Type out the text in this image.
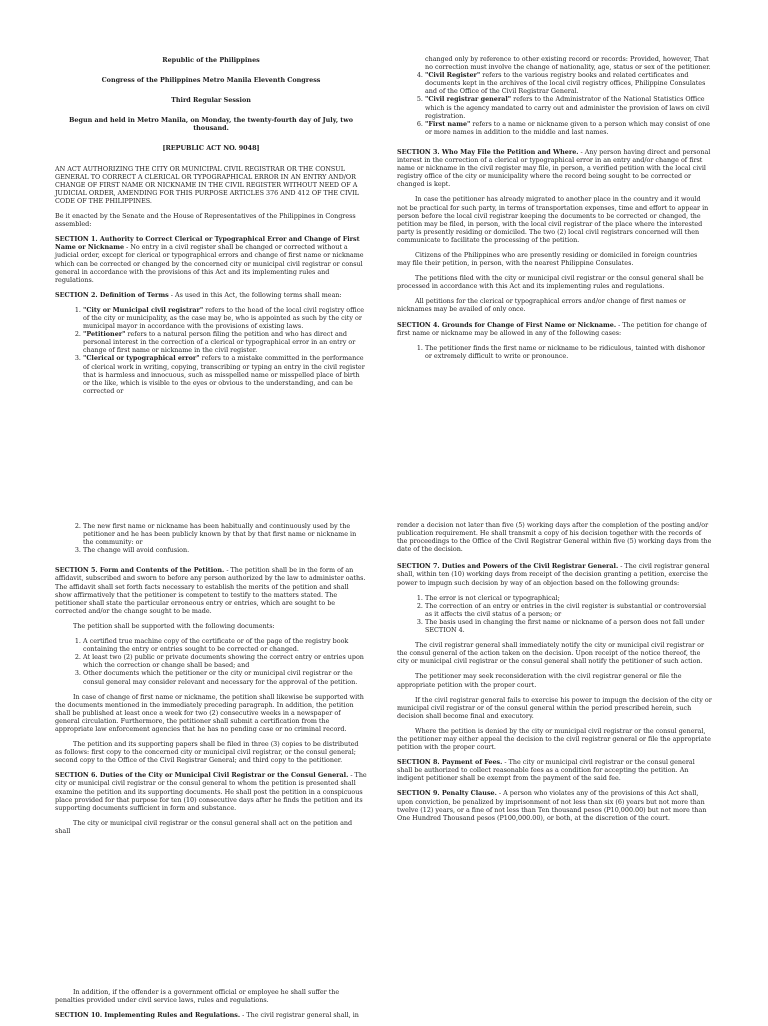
Republic of the Philippines

Congress of the Philippines Metro Manila Eleventh Congress

Third Regular Session

Begun and held in Metro Manila, on Monday, the twenty-fourth day of July, two thousand.

[REPUBLIC ACT NO. 9048]

AN ACT AUTHORIZING THE CITY OR MUNICIPAL CIVIL REGISTRAR OR THE CONSUL GENERAL TO CORRECT A CLERICAL OR TYPOGRAPHICAL ERROR IN AN ENTRY AND/OR CHANGE OF FIRST NAME OR NICKNAME IN THE CIVIL REGISTER WITHOUT NEED OF A JUDICIAL ORDER, AMENDING FOR THIS PURPOSE ARTICLES 376 AND 412 OF THE CIVIL CODE OF THE PHILIPPINES.

Be it enacted by the Senate and the House of Representatives of the Philippines in Congress assembled:

SECTION 1. Authority to Correct Clerical or Typographical Error and Change of First Name or Nickname - No entry in a civil register shall be changed or corrected without a judicial order, except for clerical or typographical errors and change of first name or nickname which can be corrected or changed by the concerned city or municipal civil registrar or consul general in accordance with the provisions of this Act and its implementing rules and regulations.

SECTION 2. Definition of Terms - As used in this Act, the following terms shall mean:

1. "City or Municipal civil registrar" refers to the head of the local civil registry office of the city or municipality, as the case may be, who is appointed as such by the city or municipal mayor in accordance with the provisions of existing laws.
2. "Petitioner" refers to a natural person filing the petition and who has direct and personal interest in the correction of a clerical or typographical error in an entry or change of first name or nickname in the civil register.
3. "Clerical or typographical error" refers to a mistake committed in the performance of clerical work in writing, copying, transcribing or typing an entry in the civil register that is harmless and innocuous, such as misspelled name or misspelled place of birth or the like, which is visible to the eyes or obvious to the understanding, and can be corrected or

changed only by reference to other existing record or records: Provided, however, That no correction must involve the change of nationality, age, status or sex of the petitioner.

4. "Civil Register" refers to the various registry books and related certificates and documents kept in the archives of the local civil registry offices, Philippine Consulates and of the Office of the Civil Registrar General.
5. "Civil registrar general" refers to the Administrator of the National Statistics Office which is the agency mandated to carry out and administer the provision of laws on civil registration.
6. "First name" refers to a name or nickname given to a person which may consist of one or more names in addition to the middle and last names.

SECTION 3. Who May File the Petition and Where. - Any person having direct and personal interest in the correction of a clerical or typographical error in an entry and/or change of first name or nickname in the civil register may file, in person, a verified petition with the local civil registry office of the city or municipality where the record being sought to be corrected or changed is kept.

In case the petitioner has already migrated to another place in the country and it would not be practical for such party, in terms of transportation expenses, time and effort to appear in person before the local civil registrar keeping the documents to be corrected or changed, the petition may be filed, in person, with the local civil registrar of the place where the interested party is presently residing or domiciled. The two (2) local civil registrars concerned will then communicate to facilitate the processing of the petition.

Citizens of the Philippines who are presently residing or domiciled in foreign countries may file their petition, in person, with the nearest Philippine Consulates.

The petitions filed with the city or municipal civil registrar or the consul general shall be processed in accordance with this Act and its implementing rules and regulations.

All petitions for the clerical or typographical errors and/or change of first names or nicknames may be availed of only once.

SECTION 4. Grounds for Change of First Name or Nickname. - The petition for change of first name or nickname may be allowed in any of the following cases:

1. The petitioner finds the first name or nickname to be ridiculous, tainted with dishonor or extremely difficult to write or pronounce.
2. The new first name or nickname has been habitually and continuously used by the petitioner and he has been publicly known by that by that first name or nickname in the community: or
3. The change will avoid confusion.

SECTION 5. Form and Contents of the Petition. - The petition shall be in the form of an affidavit, subscribed and sworn to before any person authorized by the law to administer oaths. The affidavit shall set forth facts necessary to establish the merits of the petition and shall show affirmatively that the petitioner is competent to testify to the matters stated. The petitioner shall state the particular erroneous entry or entries, which are sought to be corrected and/or the change sought to be made.

The petition shall be supported with the following documents:

1. A certified true machine copy of the certificate or of the page of the registry book containing the entry or entries sought to be corrected or changed.
2. At least two (2) public or private documents showing the correct entry or entries upon which the correction or change shall be based; and
3. Other documents which the petitioner or the city or municipal civil registrar or the consul general may consider relevant and necessary for the approval of the petition.

In case of change of first name or nickname, the petition shall likewise be supported with the documents mentioned in the immediately preceding paragraph. In addition, the petition shall be published at least once a week for two (2) consecutive weeks in a newspaper of general circulation. Furthermore, the petitioner shall submit a certification from the appropriate law enforcement agencies that he has no pending case or no criminal record.

The petition and its supporting papers shall be filed in three (3) copies to be distributed as follows: first copy to the concerned city or municipal civil registrar, or the consul general; second copy to the Office of the Civil Registrar General; and third copy to the petitioner.

SECTION 6. Duties of the City or Municipal Civil Registrar or the Consul General. - The city or municipal civil registrar or the consul general to whom the petition is presented shall examine the petition and its supporting documents. He shall post the petition in a conspicuous place provided for that purpose for ten (10) consecutive days after he finds the petition and its supporting documents sufficient in form and substance.

The city or municipal civil registrar or the consul general shall act on the petition and shall

render a decision not later than five (5) working days after the completion of the posting and/or publication requirement. He shall transmit a copy of his decision together with the records of the proceedings to the Office of the Civil Registrar General within five (5) working days from the date of the decision.

SECTION 7. Duties and Powers of the Civil Registrar General. - The civil registrar general shall, within ten (10) working days from receipt of the decision granting a petition, exercise the power to impugn such decision by way of an objection based on the following grounds:

1. The error is not clerical or typographical;
2. The correction of an entry or entries in the civil register is substantial or controversial as it affects the civil status of a person; or
3. The basis used in changing the first name or nickname of a person does not fall under SECTION 4.

The civil registrar general shall immediately notify the city or municipal civil registrar or the consul general of the action taken on the decision. Upon receipt of the notice thereof, the city or municipal civil registrar or the consul general shall notify the petitioner of such action.

The petitioner may seek reconsideration with the civil registrar general or file the appropriate petition with the proper court.

If the civil registrar general fails to exercise his power to impugn the decision of the city or municipal civil registrar or of the consul general within the period prescribed herein, such decision shall become final and executory.

Where the petition is denied by the city or municipal civil registrar or the consul general, the petitioner may either appeal the decision to the civil registrar general or file the appropriate petition with the proper court.

SECTION 8. Payment of Fees. - The city or municipal civil registrar or the consul general shall be authorized to collect reasonable fees as a condition for accepting the petition. An indigent petitioner shall be exempt from the payment of the said fee.

SECTION 9. Penalty Clause. - A person who violates any of the provisions of this Act shall, upon conviction, be penalized by imprisonment of not less than six (6) years but not more than twelve (12) years, or a fine of not less than Ten thousand pesos (P10,000.00) but not more than One Hundred Thousand pesos (P100,000.00), or both, at the discretion of the court.

In addition, if the offender is a government official or employee he shall suffer the penalties provided under civil service laws, rules and regulations.

SECTION 10. Implementing Rules and Regulations. - The civil registrar general shall, in
